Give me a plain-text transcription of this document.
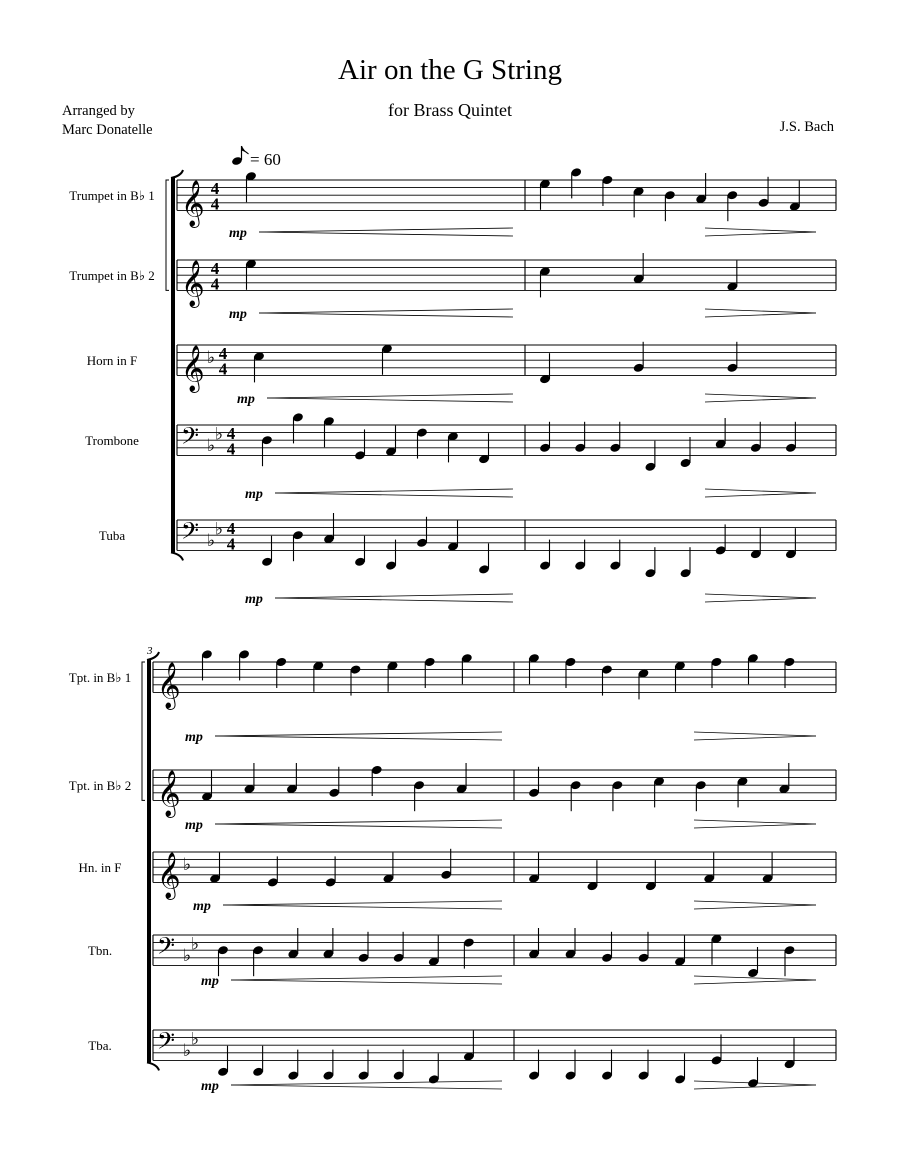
Air on the G String
for Brass Quintet
Arranged by
Marc Donatelle	J.S. Bach
= 60
Trumpet in B♭ 1 𝄞 4
4
mp
Trumpet in B♭ 2 𝄞 4
4
mp
Horn in F 𝄞 ♭ 4
4
mp
Trombone 𝄢 ♭
♭ 4
4
mp
Tuba 𝄢 ♭
♭ 4
4
mp
3
Tpt. in B♭ 1 𝄞
mp
Tpt. in B♭ 2 𝄞
mp
Hn. in F 𝄞 ♭
mp
Tbn. 𝄢 ♭
♭
mp
Tba. 𝄢 ♭
♭
mp
